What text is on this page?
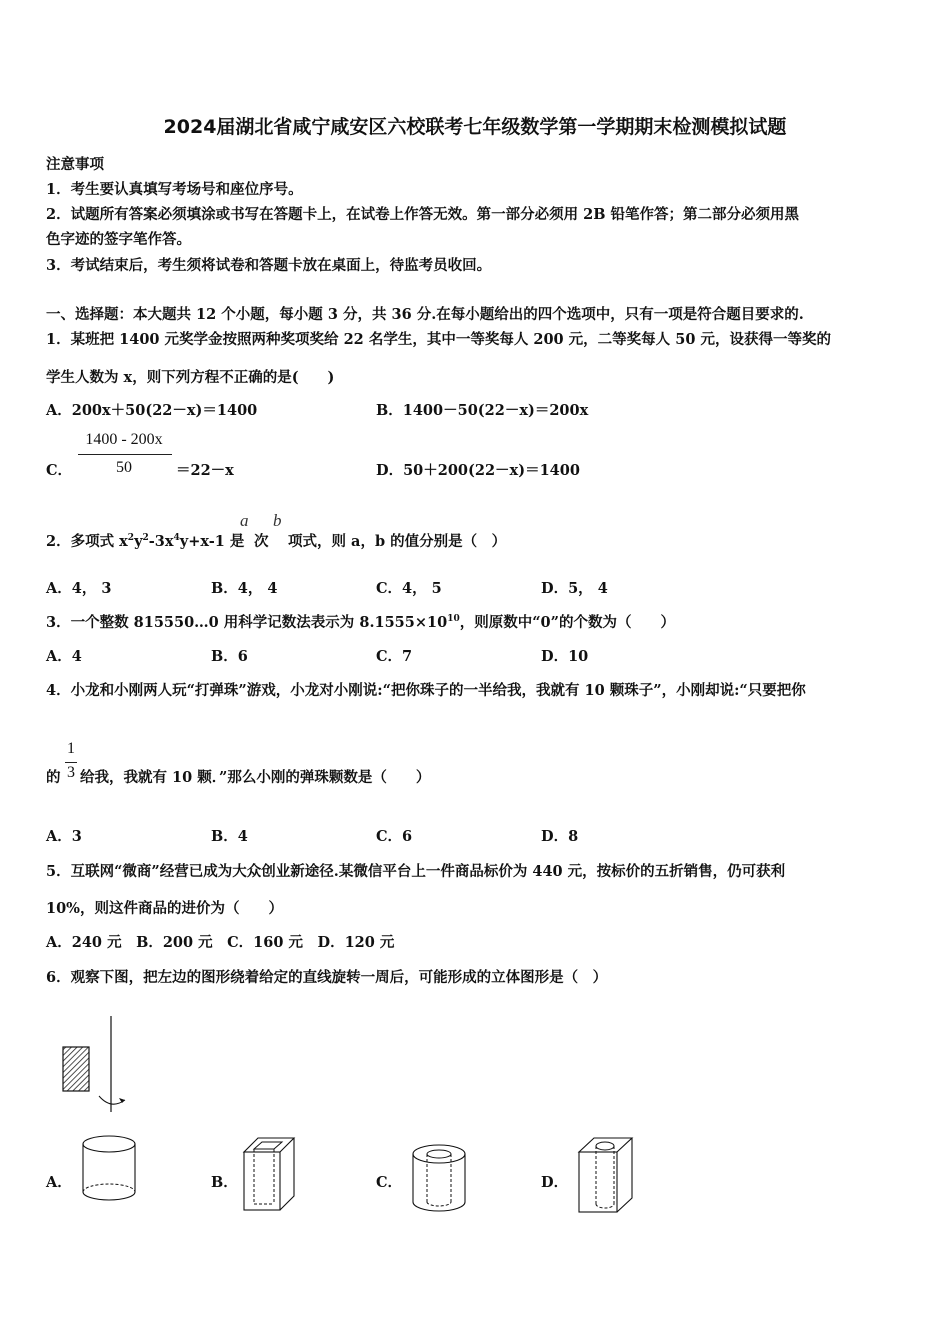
2024届湖北省咸宁咸安区六校联考七年级数学第一学期期末检测模拟试题
注意事项
1．考生要认真填写考场号和座位序号。
2．试题所有答案必须填涂或书写在答题卡上，在试卷上作答无效。第一部分必须用 2B 铅笔作答；第二部分必须用黑
色字迹的签字笔作答。
3．考试结束后，考生须将试卷和答题卡放在桌面上，待监考员收回。
一、选择题：本大题共 12 个小题，每小题 3 分，共 36 分.在每小题给出的四个选项中，只有一项是符合题目要求的.
1．某班把 1400 元奖学金按照两种奖项奖给 22 名学生，其中一等奖每人 200 元，二等奖每人 50 元，设获得一等奖的
学生人数为 x，则下列方程不正确的是(　　)
A．200x＋50(22－x)＝1400	B．1400－50(22－x)＝200x
C．
1400 - 200x
50	＝22－x	D．50＋200(22－x)＝1400
2．多项式 $x^2y^2-3x^4y+x-1$ 是
a
次
b
项式，则 a，b 的值分别是（　）
A．4， 3	B．4， 4	C．4， 5	D．5， 4
3．一个整数 815550…0 用科学记数法表示为 $8.1555\times 10^{10}$，则原数中“0”的个数为（　　）
A．4	B．6	C．7	D．10
4．小龙和小刚两人玩“打弹珠”游戏，小龙对小刚说:“把你珠子的一半给我，我就有 10 颗珠子”，小刚却说:“只要把你
的
1
3 给我，我就有 10 颗．”那么小刚的弹珠颗数是（　　）
A．3	B．4	C．6	D．8
5．互联网“微商”经营已成为大众创业新途径.某微信平台上一件商品标价为 440 元，按标价的五折销售，仍可获利
10%，则这件商品的进价为（　　）
A．240 元　B．200 元　C．160 元　D．120 元
6．观察下图，把左边的图形绕着给定的直线旋转一周后，可能形成的立体图形是（　）
A．	B．	C．	D．
